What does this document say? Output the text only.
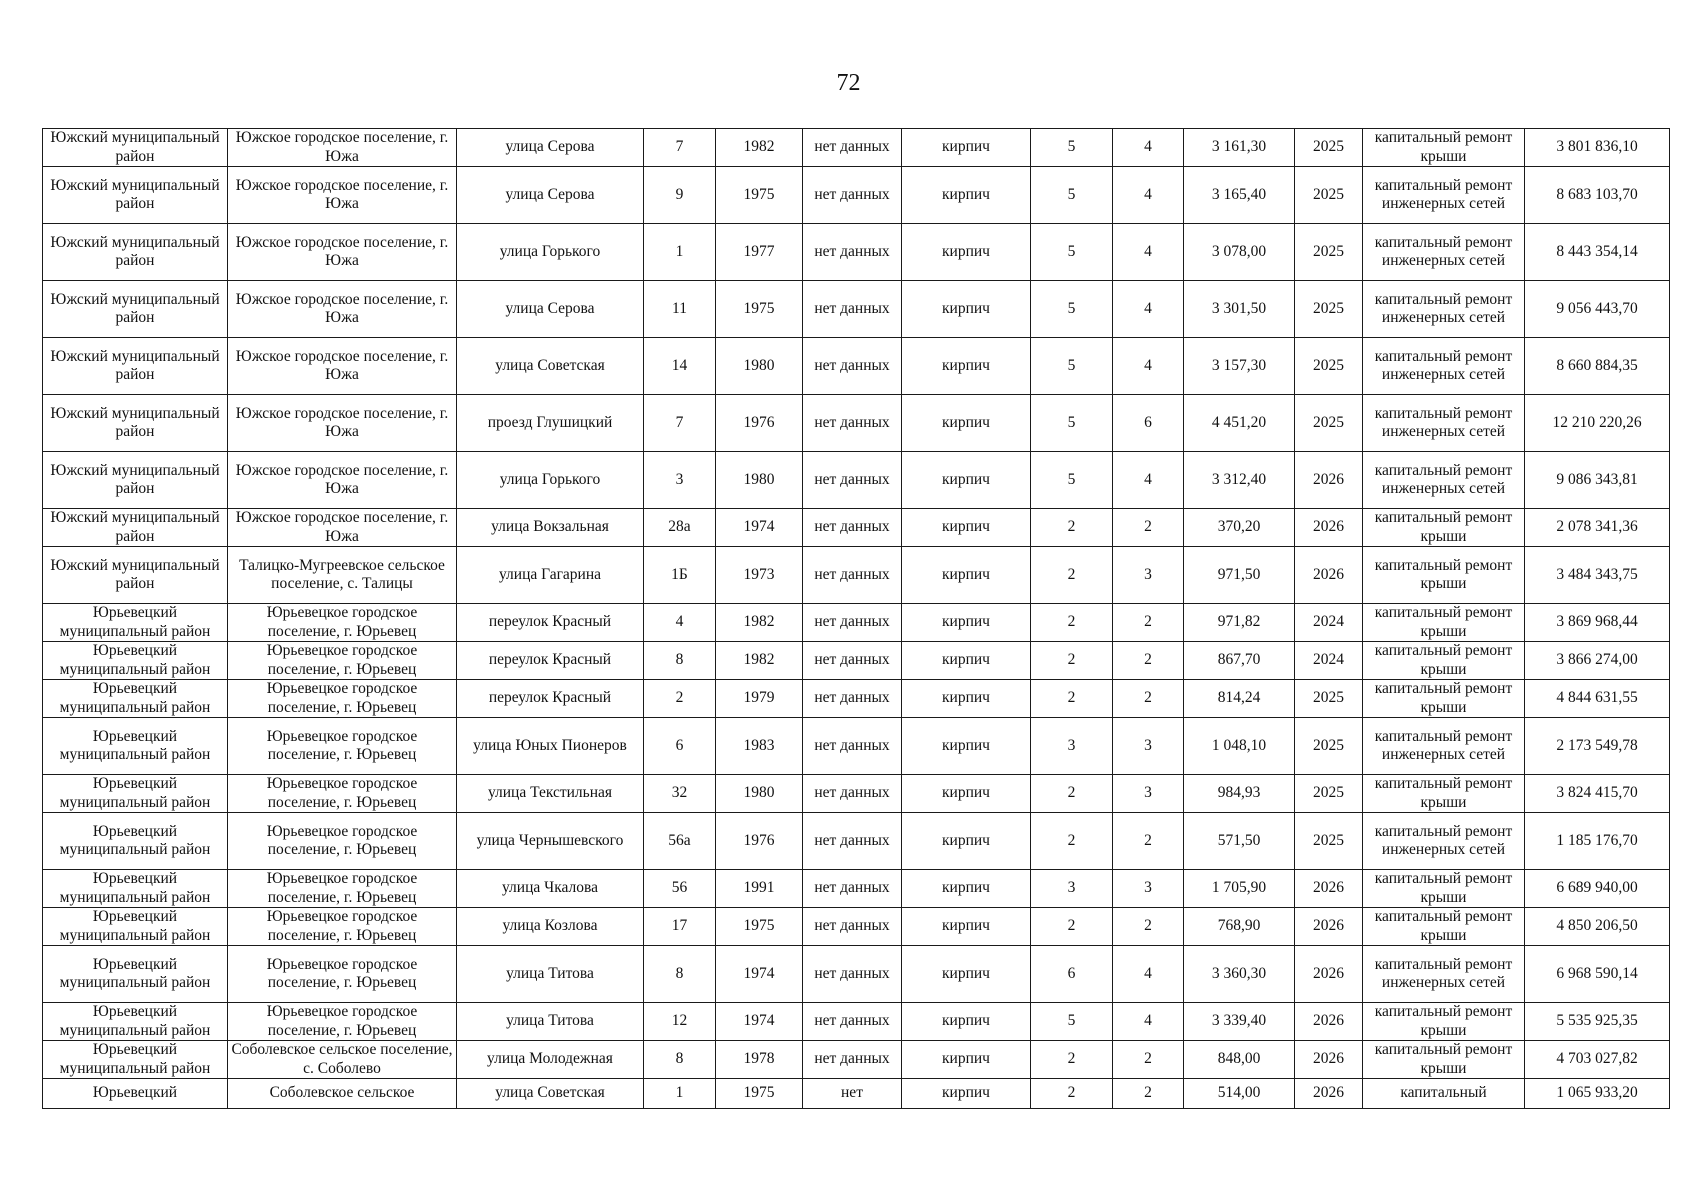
72
Южский муниципальный район	Южское городское поселение, г. Южа	улица Серова	7	1982	нет данных	кирпич	5	4	3 161,30	2025	капитальный ремонт крыши	3 801 836,10
Южский муниципальный район	Южское городское поселение, г. Южа	улица Серова	9	1975	нет данных	кирпич	5	4	3 165,40	2025	капитальный ремонт инженерных сетей	8 683 103,70
Южский муниципальный район	Южское городское поселение, г. Южа	улица Горького	1	1977	нет данных	кирпич	5	4	3 078,00	2025	капитальный ремонт инженерных сетей	8 443 354,14
Южский муниципальный район	Южское городское поселение, г. Южа	улица Серова	11	1975	нет данных	кирпич	5	4	3 301,50	2025	капитальный ремонт инженерных сетей	9 056 443,70
Южский муниципальный район	Южское городское поселение, г. Южа	улица Советская	14	1980	нет данных	кирпич	5	4	3 157,30	2025	капитальный ремонт инженерных сетей	8 660 884,35
Южский муниципальный район	Южское городское поселение, г. Южа	проезд Глушицкий	7	1976	нет данных	кирпич	5	6	4 451,20	2025	капитальный ремонт инженерных сетей	12 210 220,26
Южский муниципальный район	Южское городское поселение, г. Южа	улица Горького	3	1980	нет данных	кирпич	5	4	3 312,40	2026	капитальный ремонт инженерных сетей	9 086 343,81
Южский муниципальный район	Южское городское поселение, г. Южа	улица Вокзальная	28а	1974	нет данных	кирпич	2	2	370,20	2026	капитальный ремонт крыши	2 078 341,36
Южский муниципальный район	Талицко-Мугреевское сельское поселение, с. Талицы	улица Гагарина	1Б	1973	нет данных	кирпич	2	3	971,50	2026	капитальный ремонт крыши	3 484 343,75
Юрьевецкий муниципальный район	Юрьевецкое городское поселение, г. Юрьевец	переулок Красный	4	1982	нет данных	кирпич	2	2	971,82	2024	капитальный ремонт крыши	3 869 968,44
Юрьевецкий муниципальный район	Юрьевецкое городское поселение, г. Юрьевец	переулок Красный	8	1982	нет данных	кирпич	2	2	867,70	2024	капитальный ремонт крыши	3 866 274,00
Юрьевецкий муниципальный район	Юрьевецкое городское поселение, г. Юрьевец	переулок Красный	2	1979	нет данных	кирпич	2	2	814,24	2025	капитальный ремонт крыши	4 844 631,55
Юрьевецкий муниципальный район	Юрьевецкое городское поселение, г. Юрьевец	улица Юных Пионеров	6	1983	нет данных	кирпич	3	3	1 048,10	2025	капитальный ремонт инженерных сетей	2 173 549,78
Юрьевецкий муниципальный район	Юрьевецкое городское поселение, г. Юрьевец	улица Текстильная	32	1980	нет данных	кирпич	2	3	984,93	2025	капитальный ремонт крыши	3 824 415,70
Юрьевецкий муниципальный район	Юрьевецкое городское поселение, г. Юрьевец	улица Чернышевского	56а	1976	нет данных	кирпич	2	2	571,50	2025	капитальный ремонт инженерных сетей	1 185 176,70
Юрьевецкий муниципальный район	Юрьевецкое городское поселение, г. Юрьевец	улица Чкалова	56	1991	нет данных	кирпич	3	3	1 705,90	2026	капитальный ремонт крыши	6 689 940,00
Юрьевецкий муниципальный район	Юрьевецкое городское поселение, г. Юрьевец	улица Козлова	17	1975	нет данных	кирпич	2	2	768,90	2026	капитальный ремонт крыши	4 850 206,50
Юрьевецкий муниципальный район	Юрьевецкое городское поселение, г. Юрьевец	улица Титова	8	1974	нет данных	кирпич	6	4	3 360,30	2026	капитальный ремонт инженерных сетей	6 968 590,14
Юрьевецкий муниципальный район	Юрьевецкое городское поселение, г. Юрьевец	улица Титова	12	1974	нет данных	кирпич	5	4	3 339,40	2026	капитальный ремонт крыши	5 535 925,35
Юрьевецкий муниципальный район	Соболевское сельское поселение, с. Соболево	улица Молодежная	8	1978	нет данных	кирпич	2	2	848,00	2026	капитальный ремонт крыши	4 703 027,82
Юрьевецкий	Соболевское сельское	улица Советская	1	1975	нет	кирпич	2	2	514,00	2026	капитальный	1 065 933,20
